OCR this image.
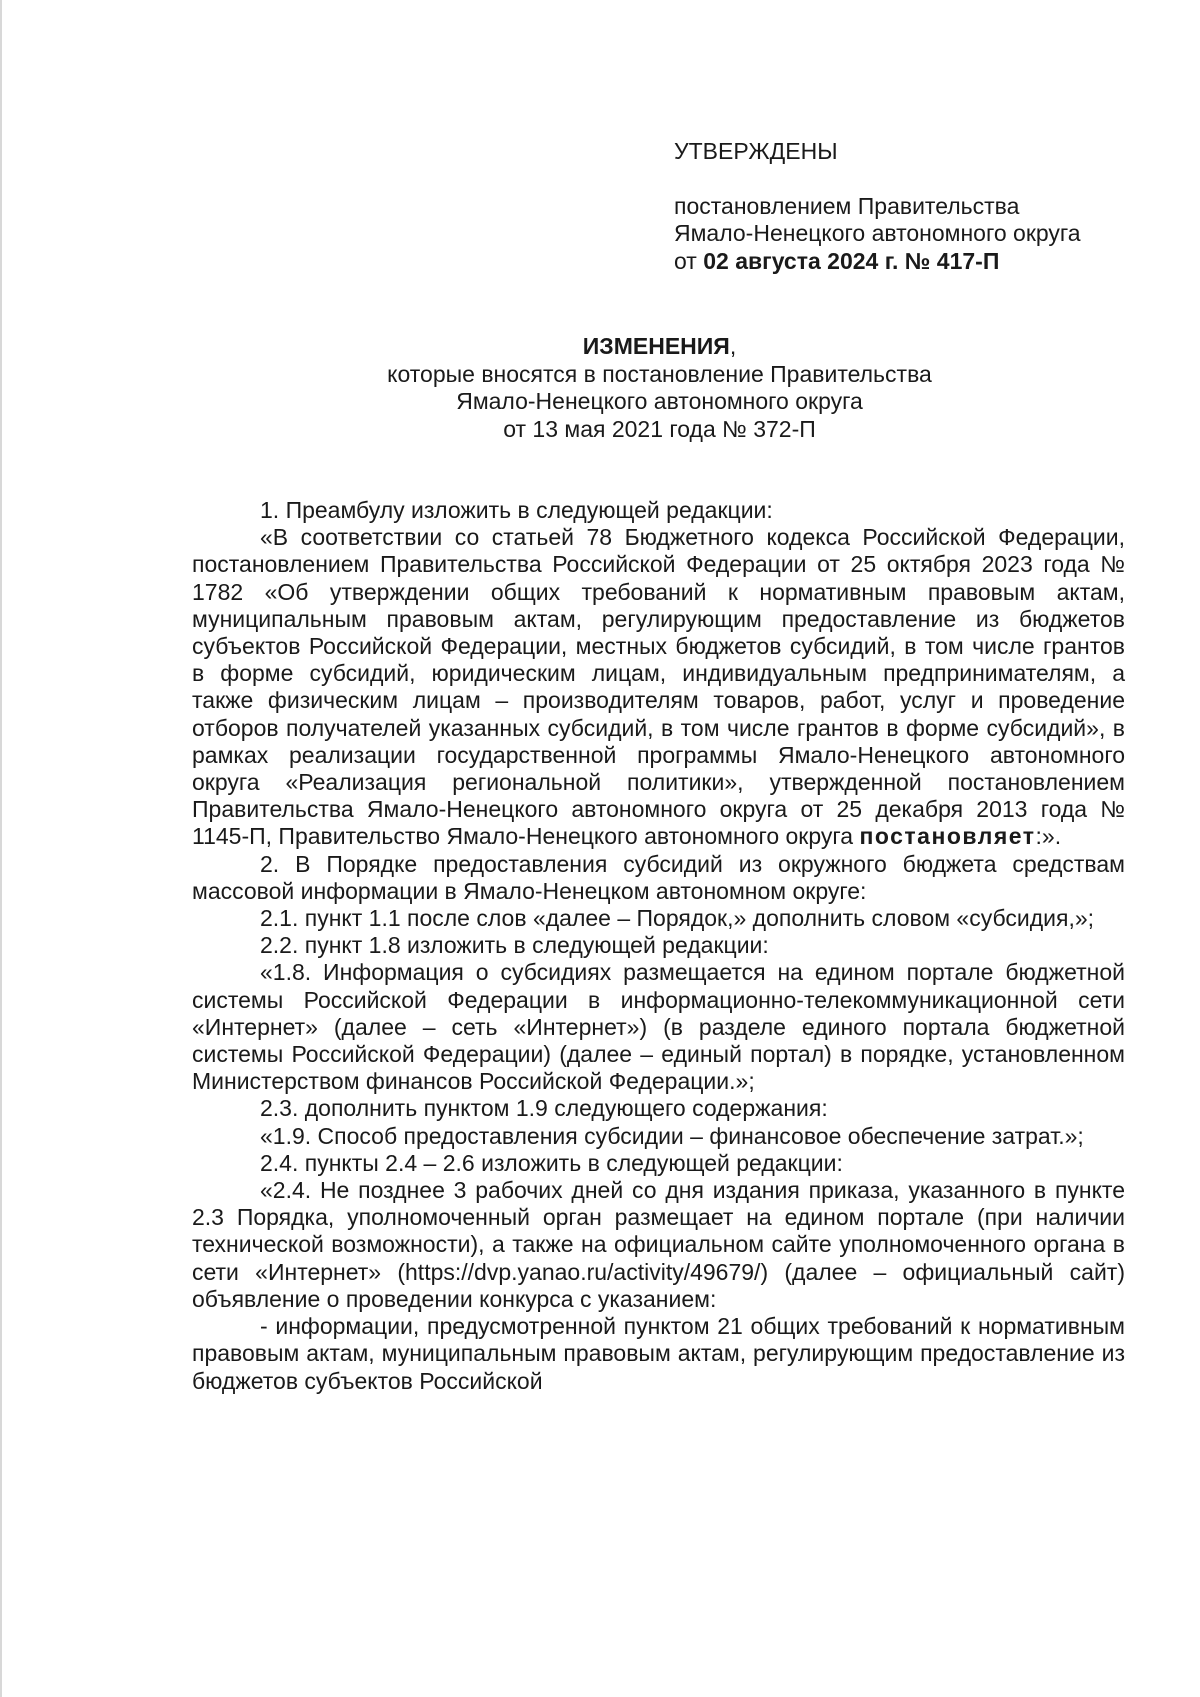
УТВЕРЖДЕНЫ
постановлением Правительства
Ямало-Ненецкого автономного округа
от 02 августа 2024 г. № 417-П
ИЗМЕНЕНИЯ,
которые вносятся в постановление Правительства
Ямало-Ненецкого автономного округа
от 13 мая 2021 года № 372-П

1. Преамбулу изложить в следующей редакции:

«В соответствии со статьей 78 Бюджетного кодекса Российской Федерации, постановлением Правительства Российской Федерации от 25 октября 2023 года № 1782 «Об утверждении общих требований к нормативным правовым актам, муниципальным правовым актам, регулирующим предоставление из бюджетов субъектов Российской Федерации, местных бюджетов субсидий, в том числе грантов в форме субсидий, юридическим лицам, индивидуальным предпринимателям, а также физическим лицам – производителям товаров, работ, услуг и проведение отборов получателей указанных субсидий, в том числе грантов в форме субсидий», в рамках реализации государственной программы Ямало-Ненецкого автономного округа «Реализация региональной политики», утвержденной постановлением Правительства Ямало-Ненецкого автономного округа от 25 декабря 2013 года № 1145-П, Правительство Ямало-Ненецкого автономного округа постановляет:».

2. В Порядке предоставления субсидий из окружного бюджета средствам массовой информации в Ямало-Ненецком автономном округе:

2.1. пункт 1.1 после слов «далее – Порядок,» дополнить словом «субсидия,»;

2.2. пункт 1.8 изложить в следующей редакции:

«1.8. Информация о субсидиях размещается на едином портале бюджетной системы Российской Федерации в информационно-телекоммуникационной сети «Интернет» (далее – сеть «Интернет») (в разделе единого портала бюджетной системы Российской Федерации) (далее – единый портал) в порядке, установленном Министерством финансов Российской Федерации.»;

2.3. дополнить пунктом 1.9 следующего содержания:

«1.9. Способ предоставления субсидии – финансовое обеспечение затрат.»;

2.4. пункты 2.4 – 2.6 изложить в следующей редакции:

«2.4. Не позднее 3 рабочих дней со дня издания приказа, указанного в пункте 2.3 Порядка, уполномоченный орган размещает на едином портале (при наличии технической возможности), а также на официальном сайте уполномоченного органа в сети «Интернет» (https://dvp.yanao.ru/activity/49679/) (далее – официальный сайт) объявление о проведении конкурса с указанием:

- информации, предусмотренной пунктом 21 общих требований к нормативным правовым актам, муниципальным правовым актам, регулирующим предоставление из бюджетов субъектов Российской
